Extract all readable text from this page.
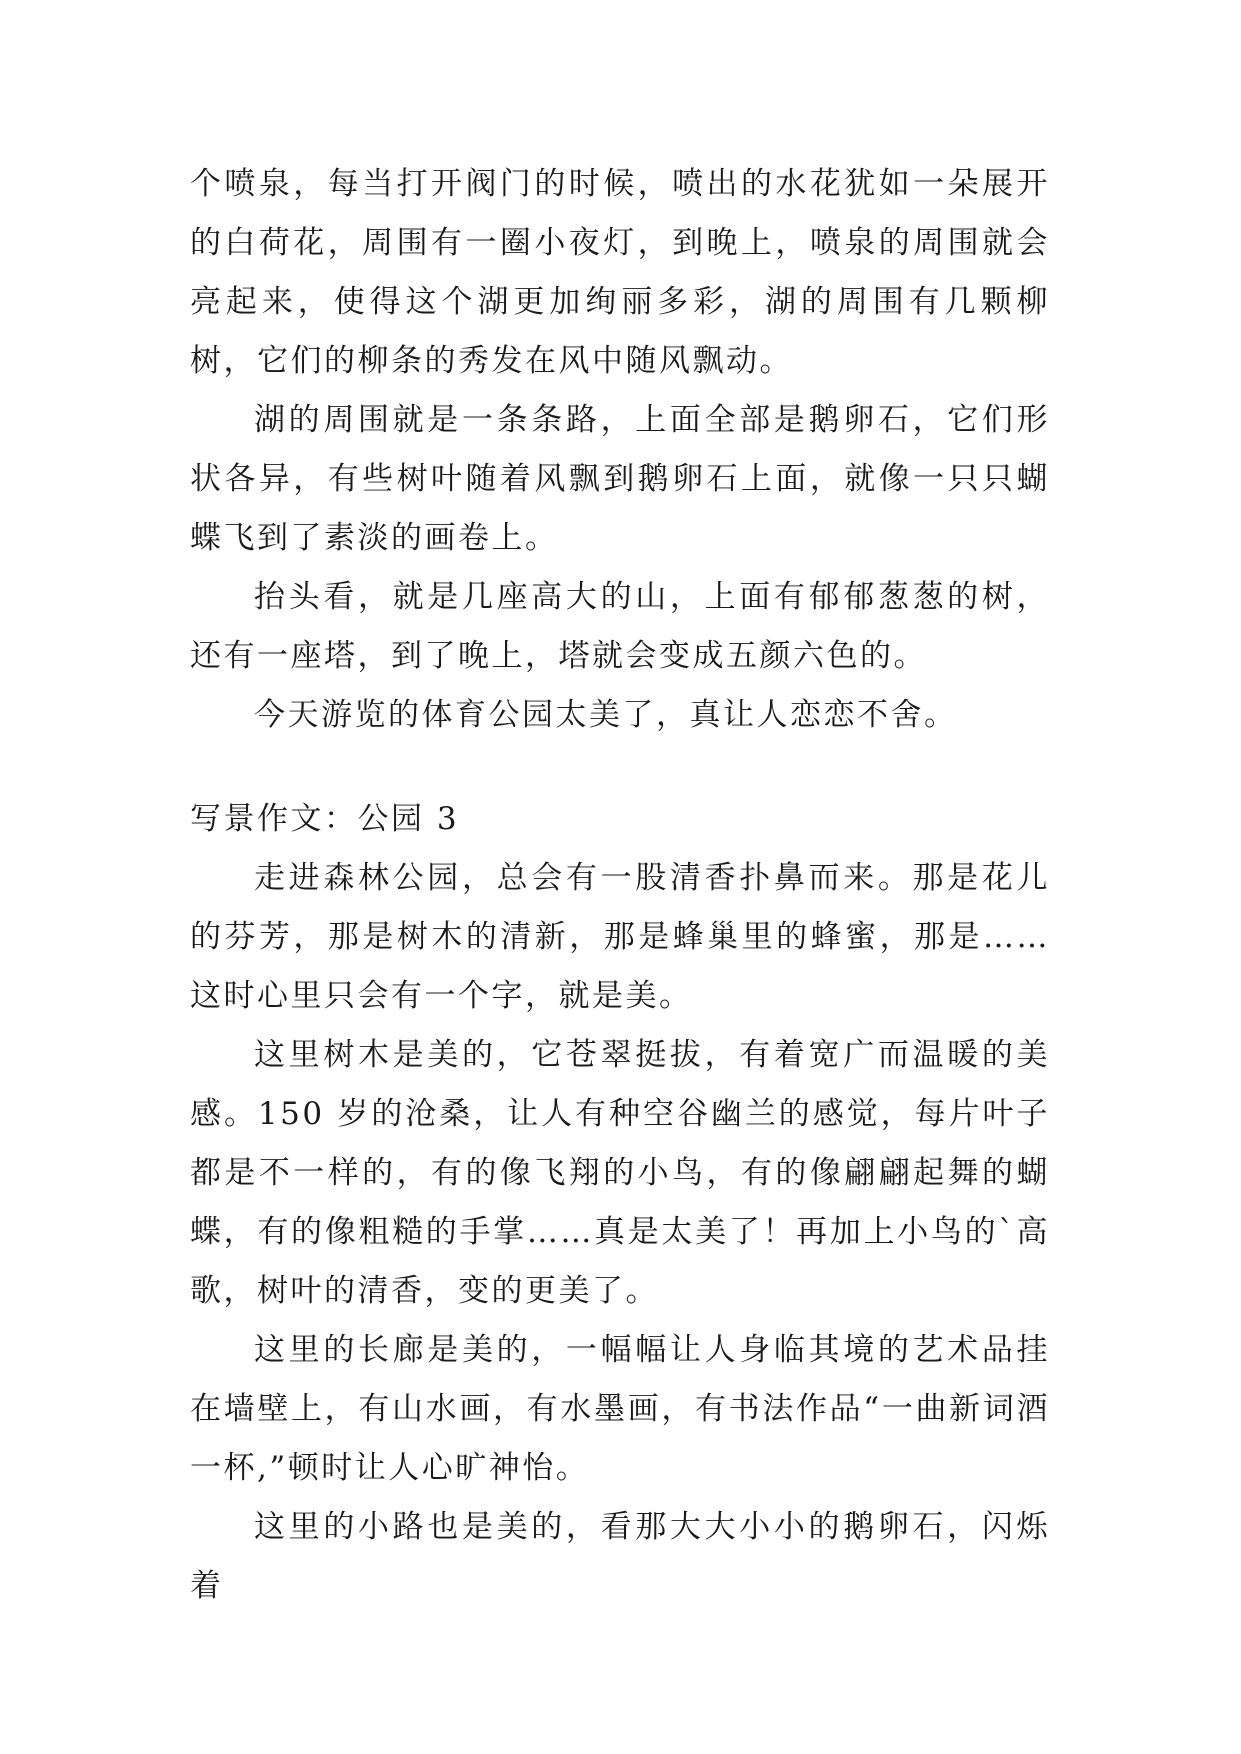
个喷泉，每当打开阀门的时候，喷出的水花犹如一朵展开的白荷花，周围有一圈小夜灯，到晚上，喷泉的周围就会亮起来，使得这个湖更加绚丽多彩，湖的周围有几颗柳树，它们的柳条的秀发在风中随风飘动。

湖的周围就是一条条路，上面全部是鹅卵石，它们形状各异，有些树叶随着风飘到鹅卵石上面，就像一只只蝴蝶飞到了素淡的画卷上。

抬头看，就是几座高大的山，上面有郁郁葱葱的树，还有一座塔，到了晚上，塔就会变成五颜六色的。

今天游览的体育公园太美了，真让人恋恋不舍。

写景作文：公园 3

走进森林公园，总会有一股清香扑鼻而来。那是花儿的芬芳，那是树木的清新，那是蜂巢里的蜂蜜，那是……这时心里只会有一个字，就是美。

这里树木是美的，它苍翠挺拔，有着宽广而温暖的美感。150 岁的沧桑，让人有种空谷幽兰的感觉，每片叶子都是不一样的，有的像飞翔的小鸟，有的像翩翩起舞的蝴蝶，有的像粗糙的手掌……真是太美了！再加上小鸟的`高歌，树叶的清香，变的更美了。

这里的长廊是美的，一幅幅让人身临其境的艺术品挂在墙壁上，有山水画，有水墨画，有书法作品“一曲新词酒一杯,”顿时让人心旷神怡。

这里的小路也是美的，看那大大小小的鹅卵石，闪烁着
